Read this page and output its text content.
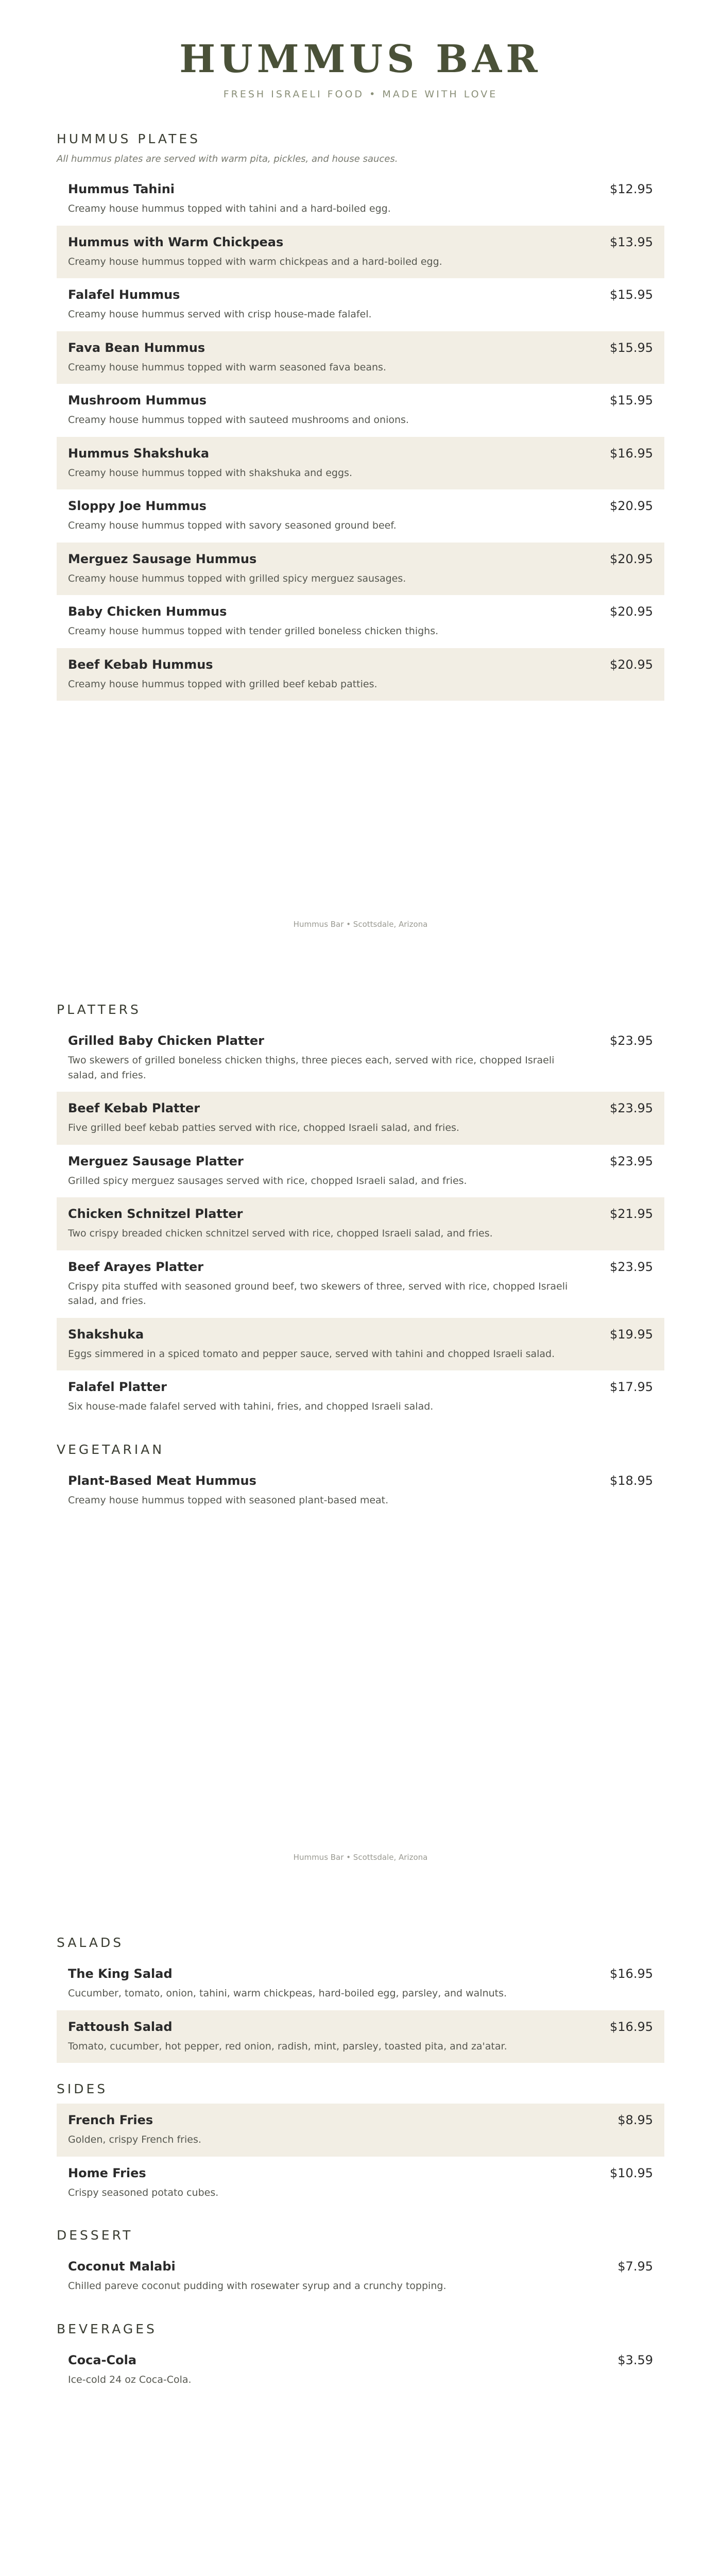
HUMMUS BAR
FRESH ISRAELI FOOD • MADE WITH LOVE
HUMMUS PLATES

All hummus plates are served with warm pita, pickles, and house sauces.

Hummus Tahini

Creamy house hummus topped with tahini and a hard-boiled egg.

$12.95
Hummus with Warm Chickpeas

Creamy house hummus topped with warm chickpeas and a hard-boiled egg.

$13.95
Falafel Hummus

Creamy house hummus served with crisp house-made falafel.

$15.95
Fava Bean Hummus

Creamy house hummus topped with warm seasoned fava beans.

$15.95
Mushroom Hummus

Creamy house hummus topped with sauteed mushrooms and onions.

$15.95
Hummus Shakshuka

Creamy house hummus topped with shakshuka and eggs.

$16.95
Sloppy Joe Hummus

Creamy house hummus topped with savory seasoned ground beef.

$20.95
Merguez Sausage Hummus

Creamy house hummus topped with grilled spicy merguez sausages.

$20.95
Baby Chicken Hummus

Creamy house hummus topped with tender grilled boneless chicken thighs.

$20.95
Beef Kebab Hummus

Creamy house hummus topped with grilled beef kebab patties.

$20.95
Hummus Bar • Scottsdale, Arizona
PLATTERS
Grilled Baby Chicken Platter

Two skewers of grilled boneless chicken thighs, three pieces each, served with rice, chopped Israeli salad, and fries.

$23.95
Beef Kebab Platter

Five grilled beef kebab patties served with rice, chopped Israeli salad, and fries.

$23.95
Merguez Sausage Platter

Grilled spicy merguez sausages served with rice, chopped Israeli salad, and fries.

$23.95
Chicken Schnitzel Platter

Two crispy breaded chicken schnitzel served with rice, chopped Israeli salad, and fries.

$21.95
Beef Arayes Platter

Crispy pita stuffed with seasoned ground beef, two skewers of three, served with rice, chopped Israeli salad, and fries.

$23.95
Shakshuka

Eggs simmered in a spiced tomato and pepper sauce, served with tahini and chopped Israeli salad.

$19.95
Falafel Platter

Six house-made falafel served with tahini, fries, and chopped Israeli salad.

$17.95
VEGETARIAN
Plant-Based Meat Hummus

Creamy house hummus topped with seasoned plant-based meat.

$18.95
Hummus Bar • Scottsdale, Arizona
SALADS
The King Salad

Cucumber, tomato, onion, tahini, warm chickpeas, hard-boiled egg, parsley, and walnuts.

$16.95
Fattoush Salad

Tomato, cucumber, hot pepper, red onion, radish, mint, parsley, toasted pita, and za'atar.

$16.95
SIDES
French Fries

Golden, crispy French fries.

$8.95
Home Fries

Crispy seasoned potato cubes.

$10.95
DESSERT
Coconut Malabi

Chilled pareve coconut pudding with rosewater syrup and a crunchy topping.

$7.95
BEVERAGES
Coca-Cola

Ice-cold 24 oz Coca-Cola.

$3.59
